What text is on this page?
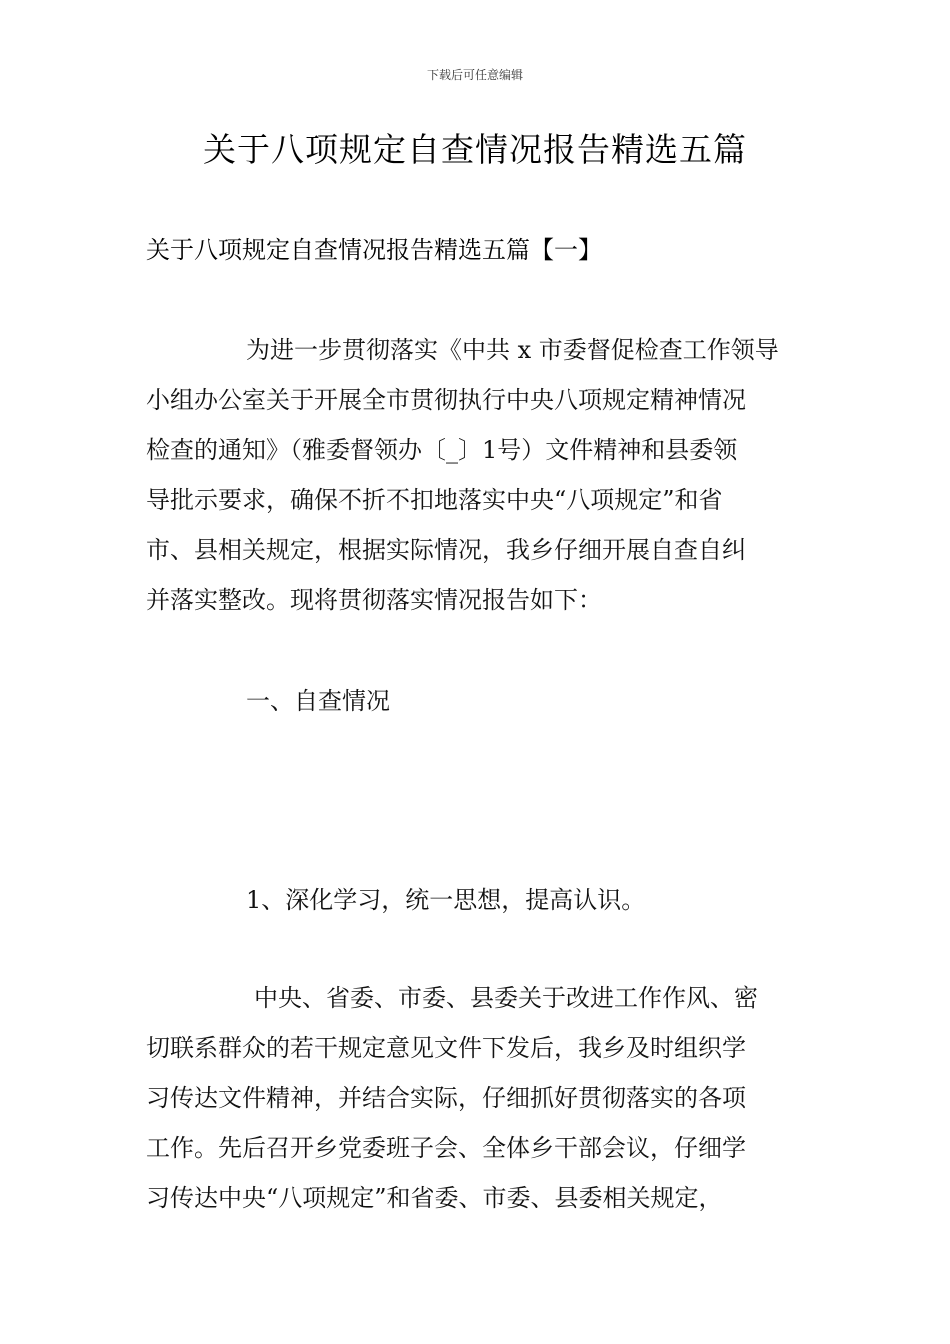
下载后可任意编辑
关于八项规定自查情况报告精选五篇
关于八项规定自查情况报告精选五篇【一】
为进一步贯彻落实《中共 x 市委督促检查工作领导
小组办公室关于开展全市贯彻执行中央八项规定精神情况
检查的通知》（雅委督领办〔_〕1号）文件精神和县委领
导批示要求，确保不折不扣地落实中央“八项规定”和省
市、县相关规定，根据实际情况，我乡仔细开展自查自纠
并落实整改。现将贯彻落实情况报告如下：
一、自查情况
1、深化学习，统一思想，提高认识。
中央、省委、市委、县委关于改进工作作风、密
切联系群众的若干规定意见文件下发后，我乡及时组织学
习传达文件精神，并结合实际，仔细抓好贯彻落实的各项
工作。先后召开乡党委班子会、全体乡干部会议，仔细学
习传达中央“八项规定”和省委、市委、县委相关规定，
